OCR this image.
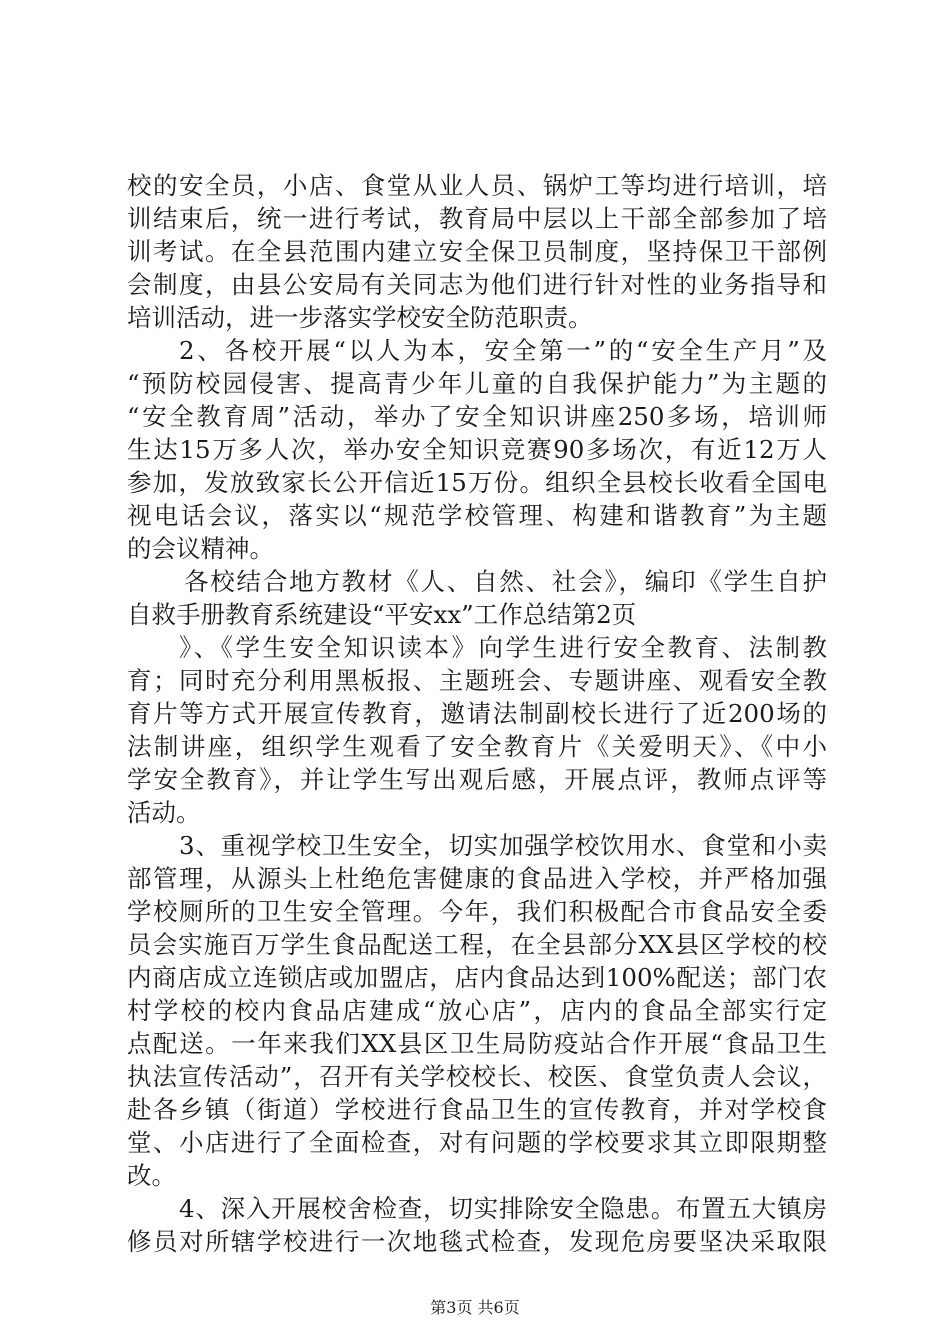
校的安全员，小店、食堂从业人员、锅炉工等均进行培训，培
训结束后，统一进行考试，教育局中层以上干部全部参加了培
训考试。在全县范围内建立安全保卫员制度，坚持保卫干部例
会制度，由县公安局有关同志为他们进行针对性的业务指导和
培训活动，进一步落实学校安全防范职责。
2、各校开展“以人为本，安全第一”的“安全生产月”及
“预防校园侵害、提高青少年儿童的自我保护能力”为主题的
“安全教育周”活动，举办了安全知识讲座250多场，培训师
生达15万多人次，举办安全知识竞赛90多场次，有近12万人
参加，发放致家长公开信近15万份。组织全县校长收看全国电
视电话会议，落实以“规范学校管理、构建和谐教育”为主题
的会议精神。
各校结合地方教材《人、自然、社会》，编印《学生自护
自救手册教育系统建设“平安xx”工作总结第2页
》、《学生安全知识读本》向学生进行安全教育、法制教
育；同时充分利用黑板报、主题班会、专题讲座、观看安全教
育片等方式开展宣传教育，邀请法制副校长进行了近200场的
法制讲座，组织学生观看了安全教育片《关爱明天》、《中小
学安全教育》，并让学生写出观后感，开展点评，教师点评等
活动。
3、重视学校卫生安全，切实加强学校饮用水、食堂和小卖
部管理，从源头上杜绝危害健康的食品进入学校，并严格加强
学校厕所的卫生安全管理。今年，我们积极配合市食品安全委
员会实施百万学生食品配送工程，在全县部分XX县区学校的校
内商店成立连锁店或加盟店，店内食品达到100%配送；部门农
村学校的校内食品店建成“放心店”，店内的食品全部实行定
点配送。一年来我们XX县区卫生局防疫站合作开展“食品卫生
执法宣传活动”，召开有关学校校长、校医、食堂负责人会议，
赴各乡镇（街道）学校进行食品卫生的宣传教育，并对学校食
堂、小店进行了全面检查，对有问题的学校要求其立即限期整
改。
4、深入开展校舍检查，切实排除安全隐患。布置五大镇房
修员对所辖学校进行一次地毯式检查，发现危房要坚决采取限
第3页 共6页
